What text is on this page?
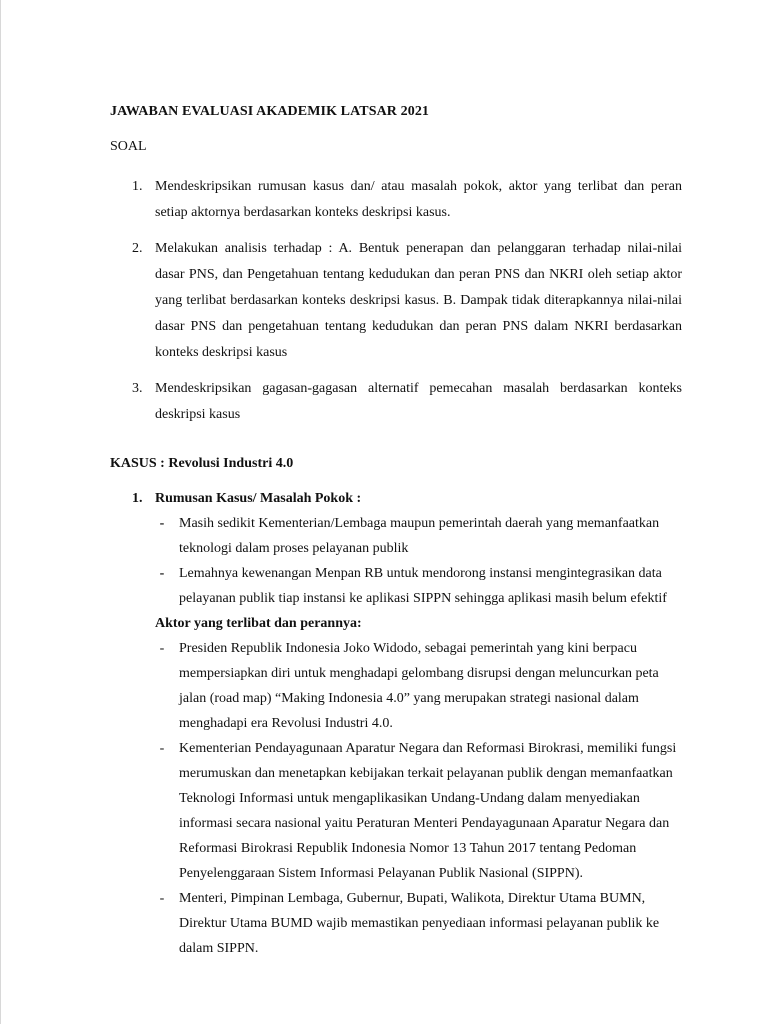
JAWABAN EVALUASI AKADEMIK LATSAR 2021

SOAL

1. Mendeskripsikan rumusan kasus dan/ atau masalah pokok, aktor yang terlibat dan peran setiap aktornya berdasarkan konteks deskripsi kasus.
2. Melakukan analisis terhadap : A. Bentuk penerapan dan pelanggaran terhadap nilai-nilai dasar PNS, dan Pengetahuan tentang kedudukan dan peran PNS dan NKRI oleh setiap aktor yang terlibat berdasarkan konteks deskripsi kasus. B. Dampak tidak diterapkannya nilai-nilai dasar PNS dan pengetahuan tentang kedudukan dan peran PNS dalam NKRI berdasarkan konteks deskripsi kasus
3. Mendeskripsikan gagasan-gagasan alternatif pemecahan masalah berdasarkan konteks deskripsi kasus

KASUS : Revolusi Industri 4.0

1. Rumusan Kasus/ Masalah Pokok :
-	Masih sedikit Kementerian/Lembaga maupun pemerintah daerah yang memanfaatkan teknologi dalam proses pelayanan publik
-	Lemahnya kewenangan Menpan RB untuk mendorong instansi mengintegrasikan data pelayanan publik tiap instansi ke aplikasi SIPPN sehingga aplikasi masih belum efektif
Aktor yang terlibat dan perannya:
-	Presiden Republik Indonesia Joko Widodo, sebagai pemerintah yang kini berpacu mempersiapkan diri untuk menghadapi gelombang disrupsi dengan meluncurkan peta jalan (road map) “Making Indonesia 4.0” yang merupakan strategi nasional dalam menghadapi era Revolusi Industri 4.0.
-	Kementerian Pendayagunaan Aparatur Negara dan Reformasi Birokrasi, memiliki fungsi merumuskan dan menetapkan kebijakan terkait pelayanan publik dengan memanfaatkan Teknologi Informasi untuk mengaplikasikan Undang-Undang dalam menyediakan informasi secara nasional yaitu Peraturan Menteri Pendayagunaan Aparatur Negara dan Reformasi Birokrasi Republik Indonesia Nomor 13 Tahun 2017 tentang Pedoman Penyelenggaraan Sistem Informasi Pelayanan Publik Nasional (SIPPN).
-	Menteri, Pimpinan Lembaga, Gubernur, Bupati, Walikota, Direktur Utama BUMN, Direktur Utama BUMD wajib memastikan penyediaan informasi pelayanan publik ke dalam SIPPN.
